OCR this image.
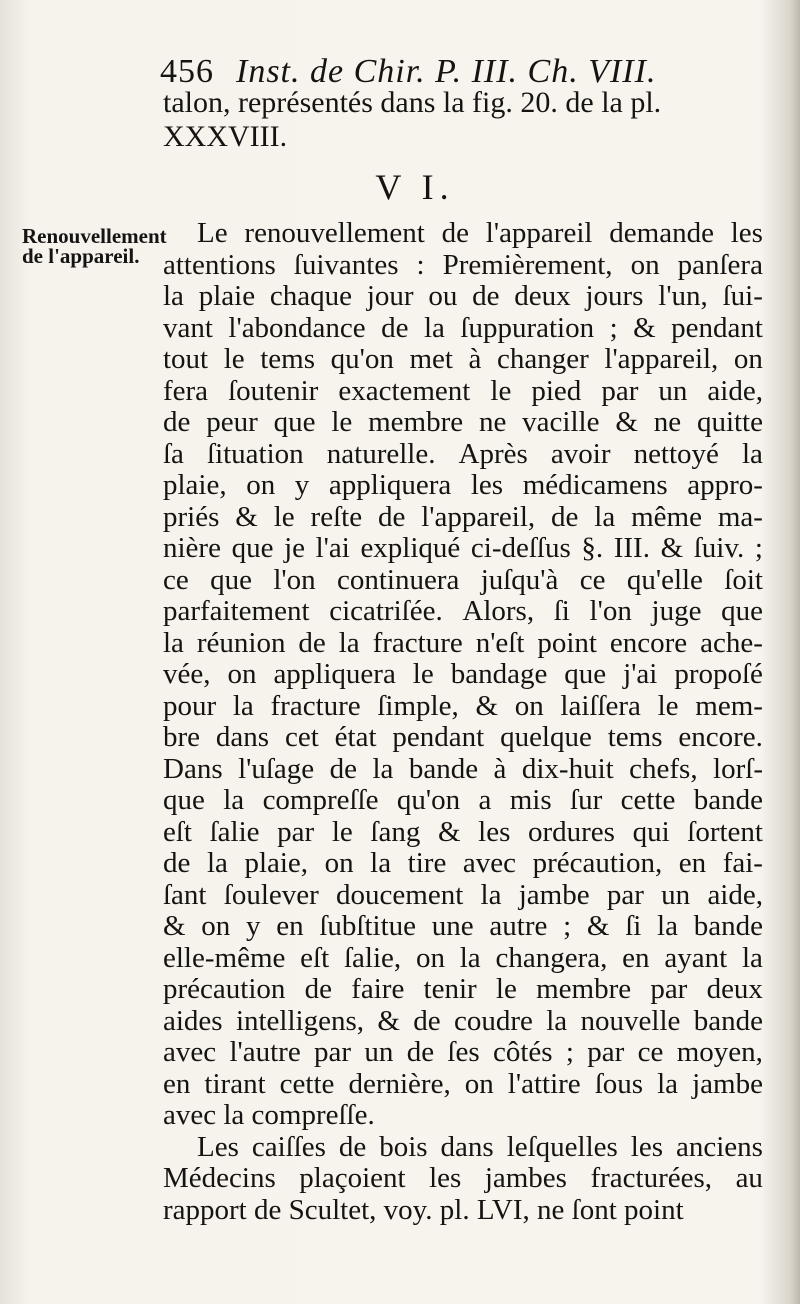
456 Inst. de Chir. P. III. Ch. VIII.
talon, représentés dans la fig. 20. de la pl.
XXXVIII.
V I.
Renouvellement de l'appareil.
Le renouvellement de l'appareil demande les
attentions ſuivantes : Premièrement, on panſera
la plaie chaque jour ou de deux jours l'un, ſui-
vant l'abondance de la ſuppuration ; & pendant
tout le tems qu'on met à changer l'appareil, on
fera ſoutenir exactement le pied par un aide,
de peur que le membre ne vacille & ne quitte
ſa ſituation naturelle. Après avoir nettoyé la
plaie, on y appliquera les médicamens appro-
priés & le reſte de l'appareil, de la même ma-
nière que je l'ai expliqué ci-deſſus §. III. & ſuiv. ;
ce que l'on continuera juſqu'à ce qu'elle ſoit
parfaitement cicatriſée. Alors, ſi l'on juge que
la réunion de la fracture n'eſt point encore ache-
vée, on appliquera le bandage que j'ai propoſé
pour la fracture ſimple, & on laiſſera le mem-
bre dans cet état pendant quelque tems encore.
Dans l'uſage de la bande à dix-huit chefs, lorſ-
que la compreſſe qu'on a mis ſur cette bande
eſt ſalie par le ſang & les ordures qui ſortent
de la plaie, on la tire avec précaution, en fai-
ſant ſoulever doucement la jambe par un aide,
& on y en ſubſtitue une autre ; & ſi la bande
elle-même eſt ſalie, on la changera, en ayant la
précaution de faire tenir le membre par deux
aides intelligens, & de coudre la nouvelle bande
avec l'autre par un de ſes côtés ; par ce moyen,
en tirant cette dernière, on l'attire ſous la jambe
avec la compreſſe.
Les caiſſes de bois dans leſquelles les anciens
Médecins plaçoient les jambes fracturées, au
rapport
de
Scultet,
voy.
pl.
LVI,
ne
ſont
point
